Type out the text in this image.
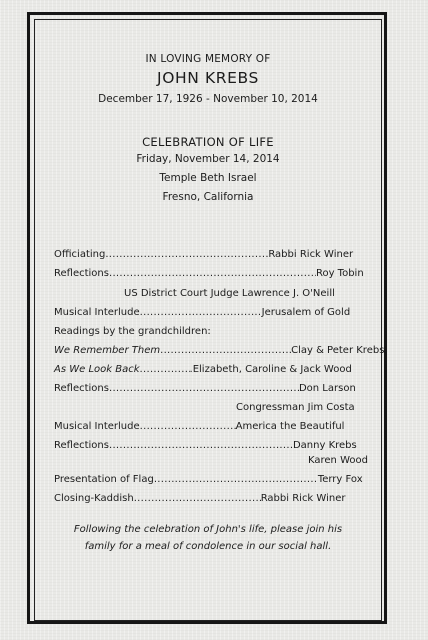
IN LOVING MEMORY OF
JOHN KREBS
December 17, 1926 - November 10, 2014
CELEBRATION OF LIFE
Friday, November 14, 2014
Temple Beth Israel
Fresno, California
Officiating .....	Rabbi Rick Winer
Reflections .....	Roy Tobin
US District Court Judge Lawrence J. O'Neill
Musical Interlude .....	Jerusalem of Gold
Readings by the grandchildren:
We Remember Them .....	Clay & Peter Krebs
As We Look Back .....	.Elizabeth, Caroline & Jack Wood
Reflections .....	Don Larson
Congressman Jim Costa
Musical Interlude .....	America the Beautiful
Reflections .....	Danny Krebs
Karen Wood
Presentation of Flag .....	Terry Fox
Closing-Kaddish .....	Rabbi Rick Winer
Following the celebration of John's life, please join his
family for a meal of condolence in our social hall.
